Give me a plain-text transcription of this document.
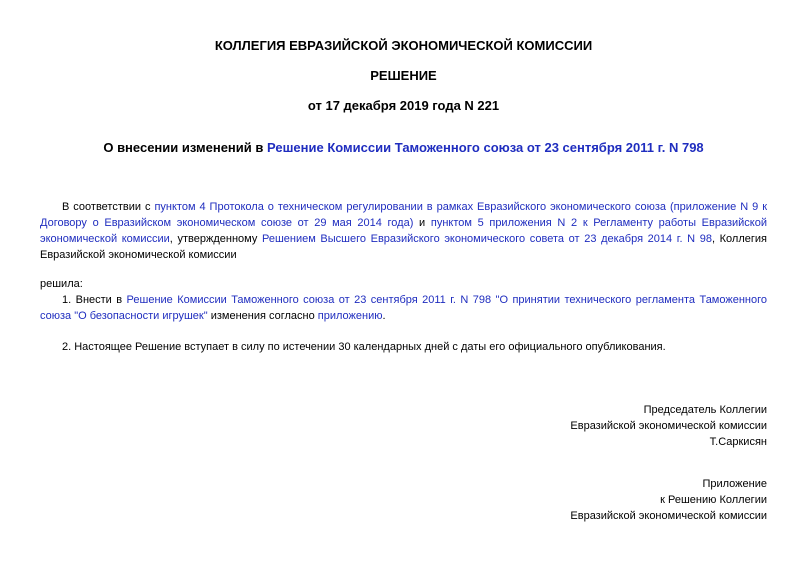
КОЛЛЕГИЯ ЕВРАЗИЙСКОЙ ЭКОНОМИЧЕСКОЙ КОМИССИИ
РЕШЕНИЕ
от 17 декабря 2019 года N 221
О внесении изменений в Решение Комиссии Таможенного союза от 23 сентября 2011 г. N 798
В соответствии с пунктом 4 Протокола о техническом регулировании в рамках Евразийского экономического союза (приложение N 9 к Договору о Евразийском экономическом союзе от 29 мая 2014 года) и пунктом 5 приложения N 2 к Регламенту работы Евразийской экономической комиссии, утвержденному Решением Высшего Евразийского экономического совета от 23 декабря 2014 г. N 98, Коллегия Евразийской экономической комиссии
решила:
1. Внести в Решение Комиссии Таможенного союза от 23 сентября 2011 г. N 798 "О принятии технического регламента Таможенного союза "О безопасности игрушек" изменения согласно приложению.
2. Настоящее Решение вступает в силу по истечении 30 календарных дней с даты его официального опубликования.
Председатель Коллегии
Евразийской экономической комиссии
Т.Саркисян
Приложение
к Решению Коллегии
Евразийской экономической комиссии
